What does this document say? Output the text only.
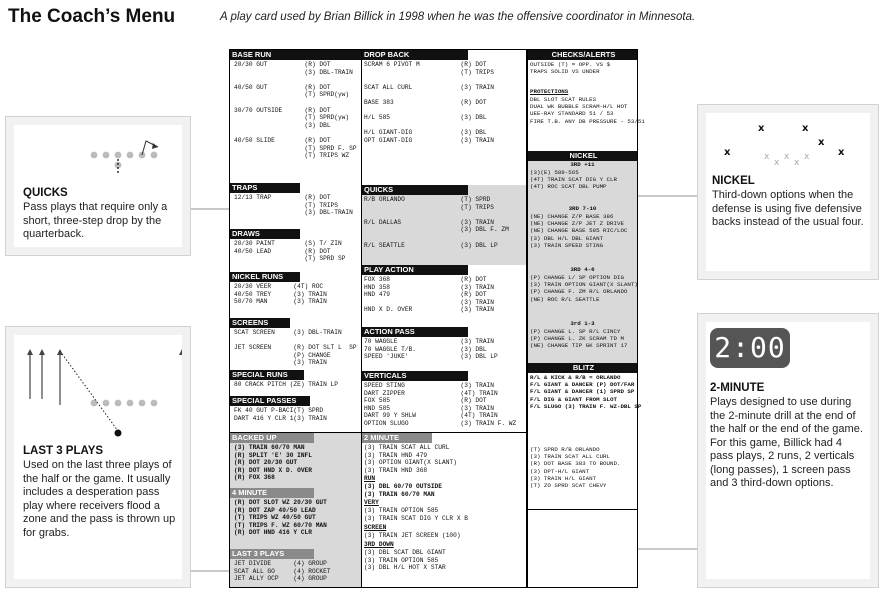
The Coach’s Menu	A play card used by Brian Billick in 1998 when he was the offensive coordinator in Minnesota.
QUICKS

Pass plays that require only a short, three-step drop by the quarterback.

LAST 3 PLAYS

Used on the last three plays of the half or the game. It usually includes a desperation pass play where receivers flood a zone and the pass is thrown up for grabs.

x	x
x
x
x
x
x
x
x
x
NICKEL

Third-down options when the defense is using five defensive backs instead of the usual four.

2:00
2-MINUTE

Plays designed to use during the 2-minute drill at the end of the half or the end of the game. For this game, Billick had 4 pass plays, 2 runs, 2 verticals (long passes), 1 screen pass and 3 third-down options.

BASE RUN
20/30 GUT          (R) DOT
(3) DBL-TRAIN

40/50 GUT          (R) DOT
(T) SPRD(yw)

30/70 OUTSIDE      (R) DOT
(T) SPRD(yw)
(3) DBL

40/50 SLIDE        (R) DOT
(T) SPRD F. SP
(T) TRIPS WZ
TRAPS
12/13 TRAP         (R) DOT
(T) TRIPS
(3) DBL-TRAIN
DRAWS
20/30 PAINT        (S) T/ ZIN
40/50 LEAD         (R) DOT
(T) SPRD SP
NICKEL RUNS
20/30 VEER      (4T) ROC
40/50 TREY      (3) TRAIN
50/70 MAN       (3) TRAIN
SCREENS
SCAT SCREEN     (3) DBL-TRAIN

JET SCREEN      (R) DOT SLT L  SP
(P) CHANGE
(3) TRAIN
SPECIAL RUNS
80 CRACK PITCH (ZE) TRAIN LP
SPECIAL PASSES
FK 40 GUT P-BACI(T) SPRD
DART 416 Y CLR 1(3) TRAIN
BACKED UP
(3) TRAIN 60/70 MAN
(R) SPLIT 'E' 30 INFL
(R) DOT 20/30 GUT
(R) DOT HND X D. OVER
(R) FOX 368
4 MINUTE
(R) DOT SLOT WZ 20/30 GUT
(R) DOT ZAP 40/50 LEAD
(T) TRIPS WZ 40/50 GUT
(T) TRIPS F. WZ 60/70 MAN
(R) DOT HND 416 Y CLR
LAST 3 PLAYS
JET DIVIDE      (4) GROUP
SCAT ALL GO     (4) ROCKET
JET ALLY OCP    (4) GROUP
DROP BACK
SCRAM 6 PIVOT M           (R) DOT
(T) TRIPS

SCAT ALL CURL             (3) TRAIN

BASE 383                  (R) DOT

H/L 585                   (3) DBL

H/L GIANT-DIG             (3) DBL
OPT GIANT-DIG             (3) TRAIN
QUICKS
R/B ORLANDO               (T) SPRD
(T) TRIPS

R/L DALLAS                (3) TRAIN
(3) DBL F. ZM

R/L SEATTLE               (3) DBL LP
PLAY ACTION
FOX 368                   (R) DOT
HND 358                   (3) TRAIN
HND 479                   (R) DOT
(3) TRAIN
HND X D. OVER             (3) TRAIN
ACTION PASS
70 WAGGLE                 (3) TRAIN
70 WAGGLE T/B.            (3) DBL
SPEED 'JUKE'              (3) DBL LP
VERTICALS
SPEED STING               (3) TRAIN
DART ZIPPER               (4T) TRAIN
FOX 585                   (R) DOT
HND 585                   (3) TRAIN
DART 99 Y SHLW            (4T) TRAIN
OPTION SLUGO              (3) TRAIN F. WZ
2 MINUTE
(3) TRAIN SCAT ALL CURL
(3) TRAIN HND 479
(3) OPTION GIANT(X SLANT)
(3) TRAIN HND 368
RUN
(3) DBL 60/70 OUTSIDE
(3) TRAIN 60/70 MAN
VERY
(3) TRAIN OPTION 585
(3) TRAIN SCAT DIG Y CLR X B
SCREEN
(3) TRAIN JET SCREEN (100)
3RD DOWN
(3) DBL SCAT DBL GIANT
(3) TRAIN OPTION 585
(3) DBL H/L HOT X STAR
CHECKS/ALERTS
OUTSIDE (T) = OPP. VS $
TRAPS SOLID VS UNDER
PROTECTIONS
DBL SLOT SCAT RULES
DUAL WK BUBBLE SCRAM-H/L HOT
UEE-RAY STANDARD 51 / 53
FIRE T.B. ANY DB PRESSURE - 53/51
NICKEL
3RD +11
(3)(E) 589-565
(4T) TRAIN SCAT DIG Y CLR
(4T) ROC SCAT DBL PUMP
3RD 7-10
(NE) CHANGE Z/P BASE 386
(NE) CHANGE Z/P JET Z DRIVE
(NE) CHANGE BASE 585 RIC/LOC
(3) DBL H/L DBL GIANT
(3) TRAIN SPEED STING
3RD 4-6
(P) CHANGE L/ SP OPTION DIG
(3) TRAIN OPTION GIANT(X SLANT)
(P) CHANGE F. ZM R/L ORLANDO
(NE) ROC R/L SEATTLE
3rd 1-3
(P) CHANGE L. SP R/L CINCY
(P) CHANGE L. ZK SCRAM TD M
(NE) CHANGE TIP GK SPRINT 17
BLITZ
R/L & KICK & R/B = ORLANDO
F/L GIANT & DANCER (P) DOT/FAR
F/L GIANT & DANCER (1) SPRD SP
F/L DIG & GIANT FROM SLOT
F/L SLUGO (3) TRAIN F. WZ-DBL SP
(T) SPRD R/B ORLANDO
(3) TRAIN SCAT ALL CURL
(R) DOT BASE 383 TO BOUND.
(3) DPT-H/L GIANT
(3) TRAIN H/L GIANT
(T) ZO SPRD SCAT CHEVY
